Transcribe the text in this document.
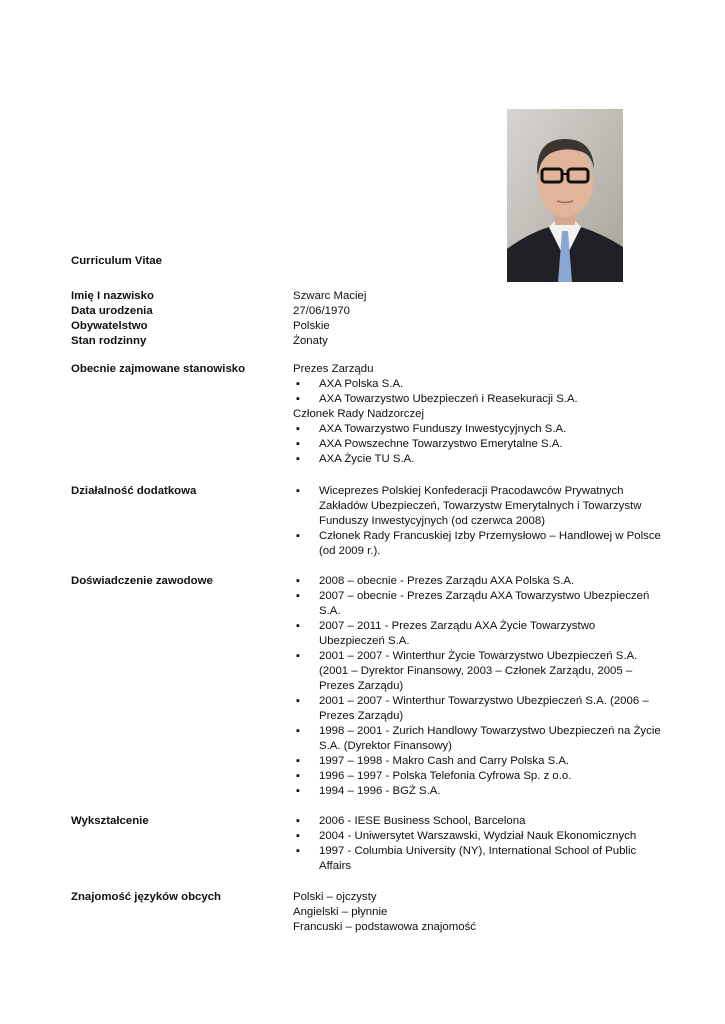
Curriculum Vitae
Imię I nazwisko	Szwarc Maciej
Data urodzenia	27/06/1970
Obywatelstwo	Polskie
Stan rodzinny	Żonaty
Obecnie zajmowane stanowisko	Prezes Zarządu
▪ AXA Polska S.A.
▪ AXA Towarzystwo Ubezpieczeń i Reasekuracji S.A.
Członek Rady Nadzorczej
▪ AXA Towarzystwo Funduszy Inwestycyjnych S.A.
▪ AXA Powszechne Towarzystwo Emerytalne S.A.
▪ AXA Życie TU S.A.
Działalność dodatkowa	▪ Wiceprezes Polskiej Konfederacji Pracodawców Prywatnych Zakładów Ubezpieczeń, Towarzystw Emerytalnych i Towarzystw Funduszy Inwestycyjnych (od czerwca 2008)
▪ Członek Rady Francuskiej Izby Przemysłowo – Handlowej w Polsce (od 2009 r.).
Doświadczenie zawodowe	▪ 2008 – obecnie - Prezes Zarządu AXA Polska S.A.
▪ 2007 – obecnie - Prezes Zarządu AXA Towarzystwo Ubezpieczeń S.A.
▪ 2007 – 2011 - Prezes Zarządu AXA Życie Towarzystwo Ubezpieczeń S.A.
▪ 2001 – 2007 - Winterthur Życie Towarzystwo Ubezpieczeń S.A. (2001 – Dyrektor Finansowy, 2003 – Członek Zarządu, 2005 – Prezes Zarządu)
▪ 2001 – 2007 - Winterthur Towarzystwo Ubezpieczeń S.A. (2006 – Prezes Zarządu)
▪ 1998 – 2001 - Zurich Handlowy Towarzystwo Ubezpieczeń na Życie S.A. (Dyrektor Finansowy)
▪ 1997 – 1998 - Makro Cash and Carry Polska S.A.
▪ 1996 – 1997 - Polska Telefonia Cyfrowa Sp. z o.o.
▪ 1994 – 1996 - BGŻ S.A.
Wykształcenie	▪ 2006 - IESE Business School, Barcelona
▪ 2004 - Uniwersytet Warszawski, Wydział Nauk Ekonomicznych
▪ 1997 - Columbia University (NY), International School of Public Affairs
Znajomość języków obcych	Polski – ojczysty
Angielski – płynnie
Francuski – podstawowa znajomość
